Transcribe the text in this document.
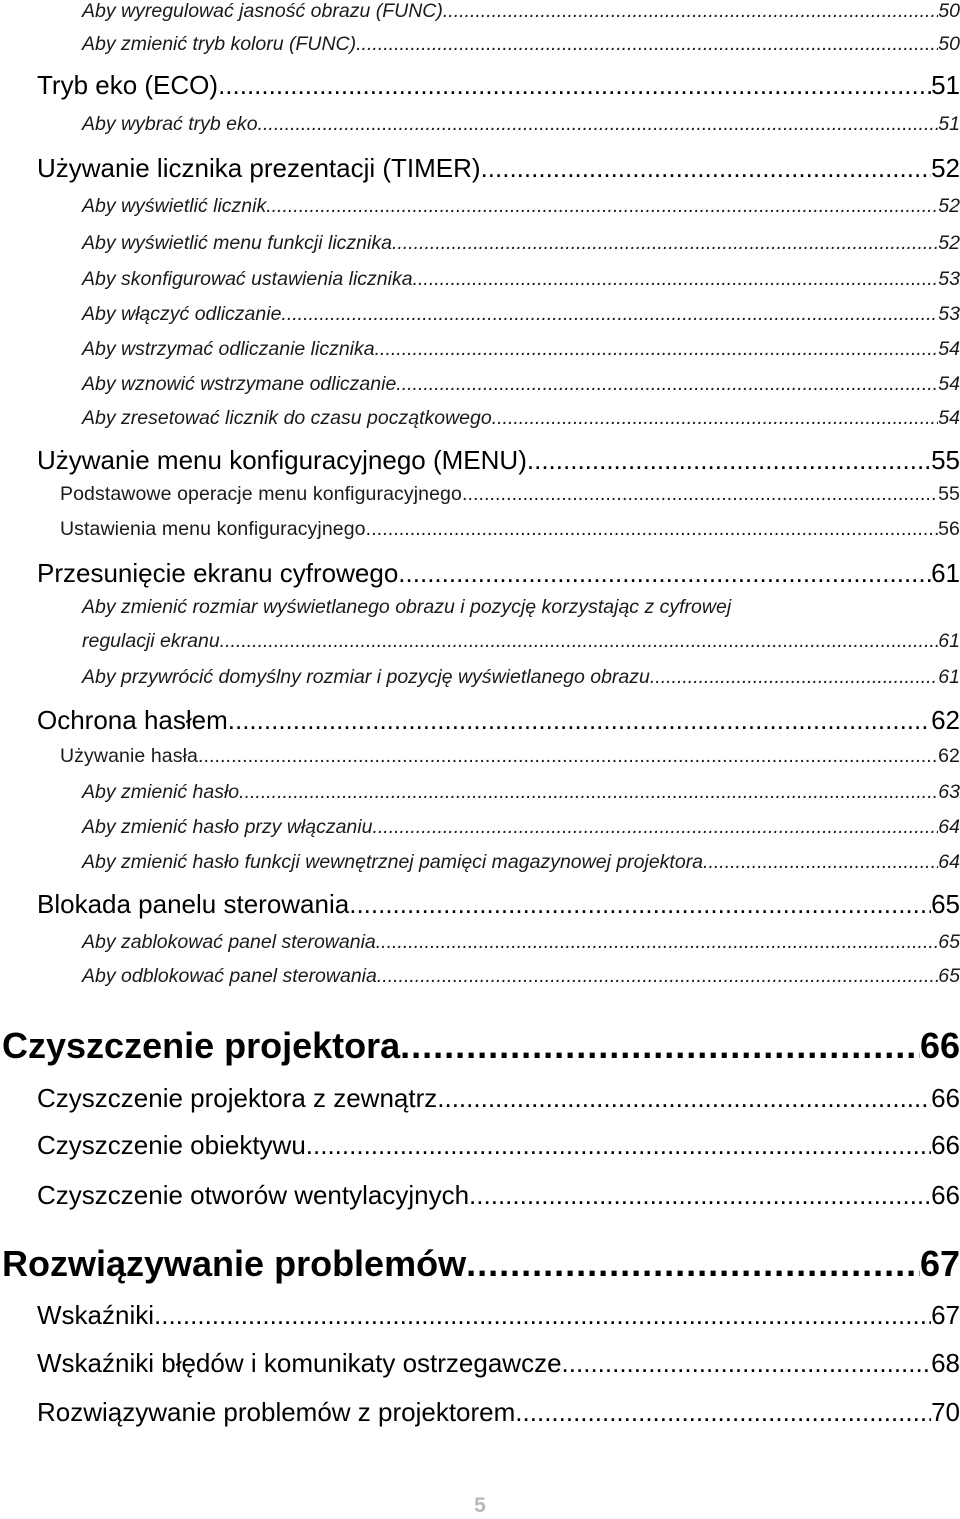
Aby wyregulować jasność obrazu (FUNC) .....	50
Aby zmienić tryb koloru (FUNC) .....	50
Tryb eko (ECO) .....	51
Aby wybrać tryb eko .....	51
Używanie licznika prezentacji (TIMER) .....	52
Aby wyświetlić licznik .....	52
Aby wyświetlić menu funkcji licznika .....	52
Aby skonfigurować ustawienia licznika .....	53
Aby włączyć odliczanie .....	53
Aby wstrzymać odliczanie licznika .....	54
Aby wznowić wstrzymane odliczanie .....	54
Aby zresetować licznik do czasu początkowego .....	54
Używanie menu konfiguracyjnego (MENU) .....	55
Podstawowe operacje menu konfiguracyjnego .....	55
Ustawienia menu konfiguracyjnego .....	56
Przesunięcie ekranu cyfrowego .....	61
Aby zmienić rozmiar wyświetlanego obrazu i pozycję korzystając z cyfrowej
regulacji ekranu .....	61
Aby przywrócić domyślny rozmiar i pozycję wyświetlanego obrazu .....	61
Ochrona hasłem .....	62
Używanie hasła .....	62
Aby zmienić hasło .....	63
Aby zmienić hasło przy włączaniu .....	64
Aby zmienić hasło funkcji wewnętrznej pamięci magazynowej projektora .....	64
Blokada panelu sterowania .....	65
Aby zablokować panel sterowania .....	65
Aby odblokować panel sterowania .....	65
Czyszczenie projektora .....	66
Czyszczenie projektora z zewnątrz .....	66
Czyszczenie obiektywu .....	66
Czyszczenie otworów wentylacyjnych .....	66
Rozwiązywanie problemów .....	67
Wskaźniki .....	67
Wskaźniki błędów i komunikaty ostrzegawcze .....	68
Rozwiązywanie problemów z projektorem .....	70
5
